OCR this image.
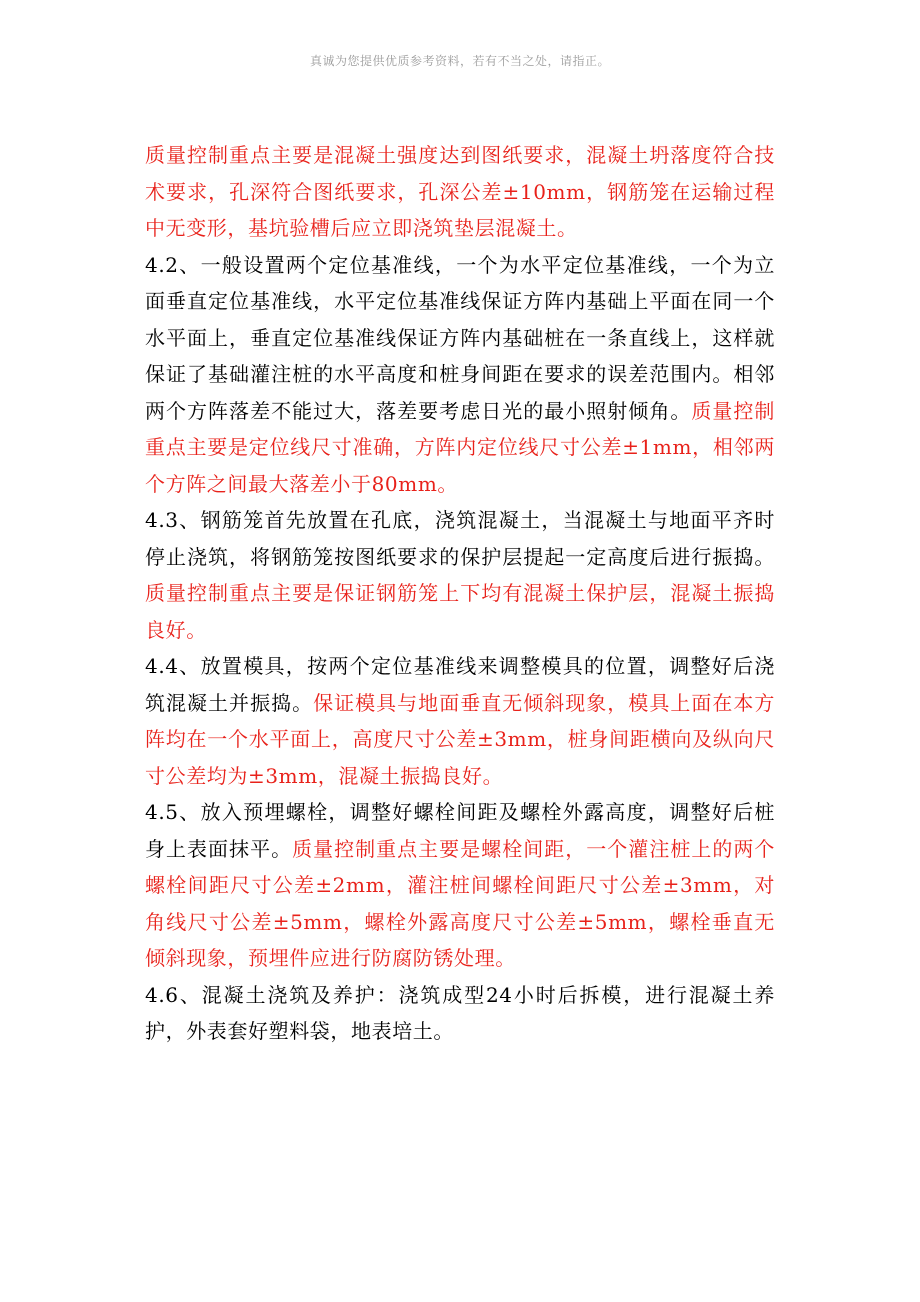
真诚为您提供优质参考资料，若有不当之处，请指正。

质量控制重点主要是混凝土强度达到图纸要求，混凝土坍落度符合技术要求，孔深符合图纸要求，孔深公差±10mm，钢筋笼在运输过程中无变形，基坑验槽后应立即浇筑垫层混凝土。

4.2、一般设置两个定位基准线，一个为水平定位基准线，一个为立面垂直定位基准线，水平定位基准线保证方阵内基础上平面在同一个水平面上，垂直定位基准线保证方阵内基础桩在一条直线上，这样就保证了基础灌注桩的水平高度和桩身间距在要求的误差范围内。相邻两个方阵落差不能过大，落差要考虑日光的最小照射倾角。质量控制重点主要是定位线尺寸准确，方阵内定位线尺寸公差±1mm，相邻两个方阵之间最大落差小于80mm。

4.3、钢筋笼首先放置在孔底，浇筑混凝土，当混凝土与地面平齐时停止浇筑，将钢筋笼按图纸要求的保护层提起一定高度后进行振捣。质量控制重点主要是保证钢筋笼上下均有混凝土保护层，混凝土振捣良好。

4.4、放置模具，按两个定位基准线来调整模具的位置，调整好后浇筑混凝土并振捣。保证模具与地面垂直无倾斜现象，模具上面在本方阵均在一个水平面上，高度尺寸公差±3mm，桩身间距横向及纵向尺寸公差均为±3mm，混凝土振捣良好。

4.5、放入预埋螺栓，调整好螺栓间距及螺栓外露高度，调整好后桩身上表面抹平。质量控制重点主要是螺栓间距，一个灌注桩上的两个螺栓间距尺寸公差±2mm，灌注桩间螺栓间距尺寸公差±3mm，对角线尺寸公差±5mm，螺栓外露高度尺寸公差±5mm，螺栓垂直无倾斜现象，预埋件应进行防腐防锈处理。

4.6、混凝土浇筑及养护：浇筑成型24小时后拆模，进行混凝土养护，外表套好塑料袋，地表培土。
